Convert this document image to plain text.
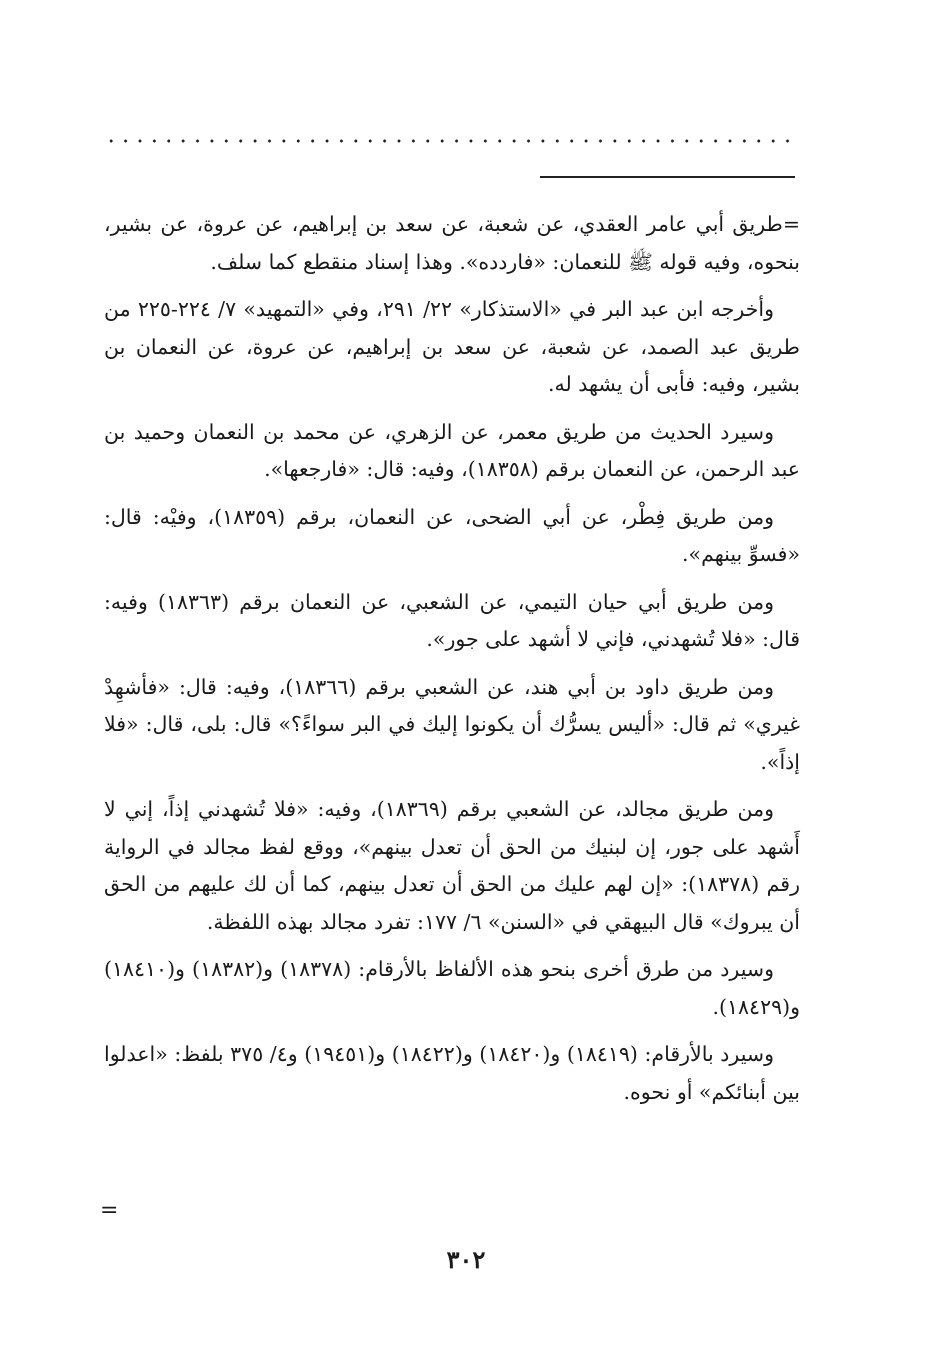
=طريق أبي عامر العقدي، عن شعبة، عن سعد بن إبراهيم، عن عروة، عن بشير، بنحوه، وفيه قوله ﷺ للنعمان: «فاردده». وهذا إسناد منقطع كما سلف.

وأخرجه ابن عبد البر في «الاستذكار» ٢٢/ ٢٩١، وفي «التمهيد» ٧/ ٢٢٤-٢٢٥ من طريق عبد الصمد، عن شعبة، عن سعد بن إبراهيم، عن عروة، عن النعمان بن بشير، وفيه: فأبى أن يشهد له.

وسيرد الحديث من طريق معمر، عن الزهري، عن محمد بن النعمان وحميد بن عبد الرحمن، عن النعمان برقم (١٨٣٥٨)، وفيه: قال: «فارجعها».

ومن طريق فِطْر، عن أبي الضحى، عن النعمان، برقم (١٨٣٥٩)، وفيْه: قال: «فسوِّ بينهم».

ومن طريق أبي حيان التيمي، عن الشعبي، عن النعمان برقم (١٨٣٦٣) وفيه: قال: «فلا تُشهدني، فإني لا أشهد على جور».

ومن طريق داود بن أبي هند، عن الشعبي برقم (١٨٣٦٦)، وفيه: قال: «فأشهِدْ غيري» ثم قال: «أليس يسرُّك أن يكونوا إليك في البر سواءً؟» قال: بلى، قال: «فلا إذاً».

ومن طريق مجالد، عن الشعبي برقم (١٨٣٦٩)، وفيه: «فلا تُشهدني إذاً، إني لا أَشهد على جور، إن لبنيك من الحق أن تعدل بينهم»، ووقع لفظ مجالد في الرواية رقم (١٨٣٧٨): «إن لهم عليك من الحق أن تعدل بينهم، كما أن لك عليهم من الحق أن يبروك» قال البيهقي في «السنن» ٦/ ١٧٧: تفرد مجالد بهذه اللفظة.

وسيرد من طرق أخرى بنحو هذه الألفاظ بالأرقام: (١٨٣٧٨) و(١٨٣٨٢) و(١٨٤١٠) و(١٨٤٢٩).

وسيرد بالأرقام: (١٨٤١٩) و(١٨٤٢٠) و(١٨٤٢٢) و(١٩٤٥١) و٤/ ٣٧٥ بلفظ: «اعدلوا بين أبنائكم» أو نحوه.

=
٣٠٢
